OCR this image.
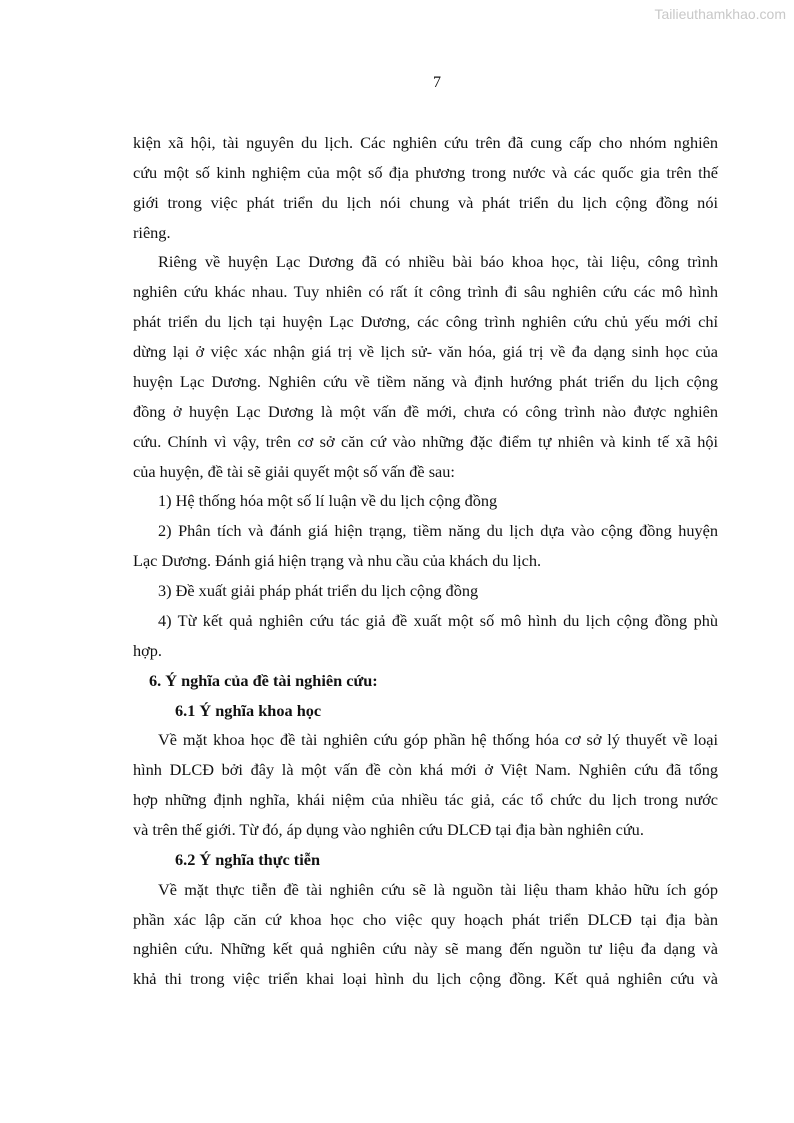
Tailieuthamkhao.com
7
kiện xã hội, tài nguyên du lịch. Các nghiên cứu trên đã cung cấp cho nhóm nghiên
cứu một số kinh nghiệm của một số địa phương trong nước và các quốc gia trên thế
giới trong việc phát triển du lịch nói chung và phát triển du lịch cộng đồng nói
riêng.
Riêng về huyện Lạc Dương đã có nhiều bài báo khoa học, tài liệu, công trình
nghiên cứu khác nhau. Tuy nhiên có rất ít công trình đi sâu nghiên cứu các mô hình
phát triển du lịch tại huyện Lạc Dương, các công trình nghiên cứu chủ yếu mới chỉ
dừng lại ở việc xác nhận giá trị về lịch sử- văn hóa, giá trị về đa dạng sinh học của
huyện Lạc Dương. Nghiên cứu về tiềm năng và định hướng phát triển du lịch cộng
đồng ở huyện Lạc Dương là một vấn đề mới, chưa có công trình nào được nghiên
cứu. Chính vì vậy, trên cơ sở căn cứ vào những đặc điểm tự nhiên và kinh tế xã hội
của huyện, đề tài sẽ giải quyết một số vấn đề sau:
1) Hệ thống hóa một số lí luận về du lịch cộng đồng
2) Phân tích và đánh giá hiện trạng, tiềm năng du lịch dựa vào cộng đồng huyện
Lạc Dương. Đánh giá hiện trạng và nhu cầu của khách du lịch.
3) Đề xuất giải pháp phát triển du lịch cộng đồng
4) Từ kết quả nghiên cứu tác giả đề xuất một số mô hình du lịch cộng đồng phù
hợp.
6. Ý nghĩa của đề tài nghiên cứu:
6.1 Ý nghĩa khoa học
Về mặt khoa học đề tài nghiên cứu góp phần hệ thống hóa cơ sở lý thuyết về loại
hình DLCĐ bởi đây là một vấn đề còn khá mới ở Việt Nam. Nghiên cứu đã tổng
hợp những định nghĩa, khái niệm của nhiều tác giả, các tổ chức du lịch trong nước
và trên thế giới. Từ đó, áp dụng vào nghiên cứu DLCĐ tại địa bàn nghiên cứu.
6.2 Ý nghĩa thực tiễn
Về mặt thực tiễn đề tài nghiên cứu sẽ là nguồn tài liệu tham khảo hữu ích góp
phần xác lập căn cứ khoa học cho việc quy hoạch phát triển DLCĐ tại địa bàn
nghiên cứu. Những kết quả nghiên cứu này sẽ mang đến nguồn tư liệu đa dạng và
khả thi trong việc triển khai loại hình du lịch cộng đồng. Kết quả nghiên cứu và
